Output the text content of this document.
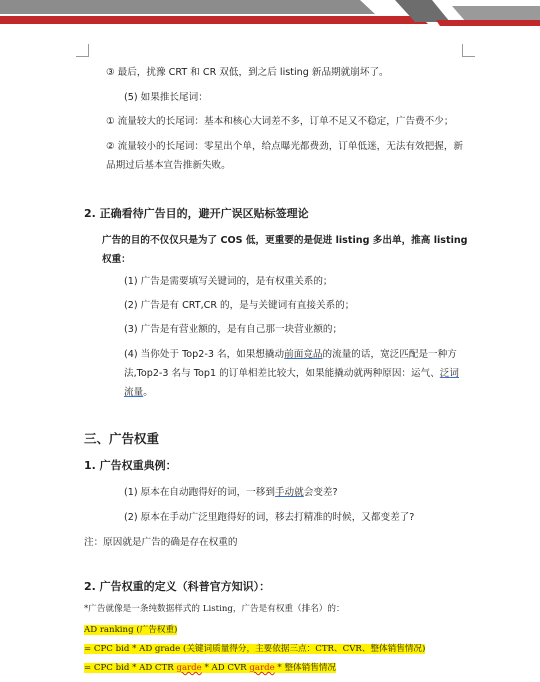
③ 最后，扰豫 CRT 和 CR 双低，到之后 listing 新品期就崩坏了。
(5) 如果推长尾词：
① 流量较大的长尾词：基本和核心大词差不多，订单不足又不稳定，广告费不少；
② 流量较小的长尾词：零星出个单，给点曝光都费劲，订单低迷，无法有效把握，新品期过后基本宣告推新失败。
2. 正确看待广告目的，避开广误区贴标签理论
广告的目的不仅仅只是为了 COS 低，更重要的是促进 listing 多出单，推高 listing 权重：
(1) 广告是需要填写关键词的，是有权重关系的；
(2) 广告是有 CRT,CR 的，是与关键词有直接关系的；
(3) 广告是有营业额的，是有自己那一块营业额的；
(4) 当你处于 Top2-3 名，如果想撬动前面竞品的流量的话，宽泛匹配是一种方法,Top2-3 名与 Top1 的订单相差比较大，如果能撬动就两种原因：运气、泛词流量。
三、广告权重
1. 广告权重典例：
(1) 原本在自动跑得好的词，一移到手动就会变差?
(2) 原本在手动广泛里跑得好的词，移去打精准的时候，又都变差了?
注：原因就是广告的确是存在权重的
2. 广告权重的定义（科普官方知识）：
*广告就像是一条纯数据样式的 Listing，广告是有权重（排名）的：
AD ranking (广告权重)
= CPC bid * AD grade (关键词质量得分，主要依据三点：CTR、CVR、整体销售情况)
= CPC bid * AD CTR garde * AD CVR garde * 整体销售情况
